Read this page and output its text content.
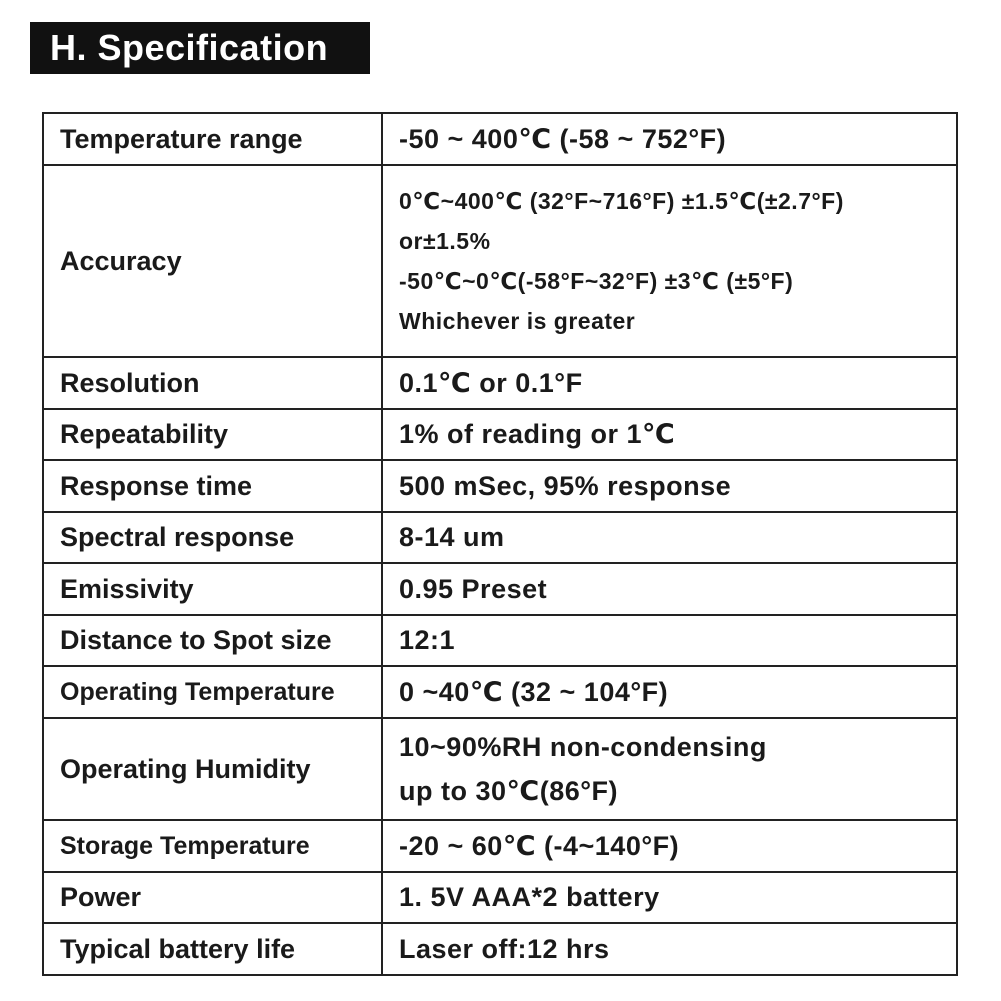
H. Specification
Temperature range	-50 ~ 400℃ (-58 ~ 752°F)
Accuracy	0℃~400℃ (32°F~716°F) ±1.5℃(±2.7°F)
or±1.5%
-50℃~0℃(-58°F~32°F) ±3℃ (±5°F)
Whichever is greater

Resolution	0.1℃ or 0.1°F
Repeatability	1% of reading or 1℃
Response time	500 mSec, 95% response
Spectral response	8-14 um
Emissivity	0.95 Preset
Distance to Spot size	12:1
Operating Temperature	0 ~40℃ (32 ~ 104°F)
Operating Humidity	10~90%RH non-condensing
up to 30℃(86°F)

Storage Temperature	-20 ~ 60℃ (-4~140°F)
Power	1. 5V AAA*2 battery
Typical battery life	Laser off:12 hrs
